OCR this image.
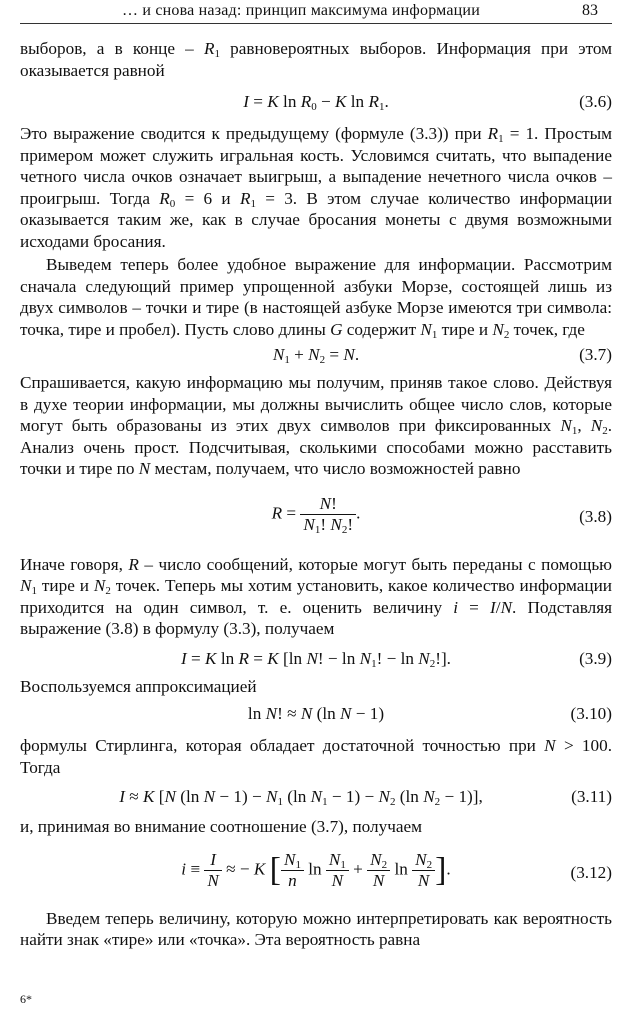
… и снова назад: принцип максимума информации	83

выборов, а в конце – $R_1$ равновероятных выборов. Информация при этом оказывается равной

I = K $\ln R_0 - K$ $\ln R_1$.	(3.6)

Это выражение сводится к предыдущему (формуле (3.3)) при $R_1 = 1$. Простым примером может служить игральная кость. Условимся считать, что выпадение четного числа очков означает выигрыш, а выпадение нечетного числа очков – проигрыш. Тогда $R_0 = 6$ и $R_1 = 3$. В этом случае количество информации оказывается таким же, как в случае бросания монеты с двумя возможными исходами бросания.

Выведем теперь более удобное выражение для информации. Рассмотрим сначала следующий пример упрощенной азбуки Морзе, состоящей лишь из двух символов – точки и тире (в настоящей азбуке Морзе имеются три символа: точка, тире и пробел). Пусть слово длины G содержит $N_1$ тире и $N_2$ точек, где

$N_1 + N_2 = N$.	(3.7)

Спрашивается, какую информацию мы получим, приняв такое слово. Действуя в духе теории информации, мы должны вычислить общее число слов, которые могут быть образованы из этих двух символов при фиксированных $N_1$, $N_2$. Анализ очень прост. Подсчитывая, сколькими способами можно расставить точки и тире по N местам, получаем, что число возможностей равно

$R = \frac{N!}{N_1! N_2!}$ .	(3.8)

Иначе говоря, R – число сообщений, которые могут быть переданы с помощью $N_1$ тире и $N_2$ точек. Теперь мы хотим установить, какое количество информации приходится на один символ, т. е. оценить величину i = I/N. Подставляя выражение (3.8) в формулу (3.3), получаем

I = K ln R = K [ln N! − $\ln N_1$! − $\ln N_2$!].	(3.9)

Воспользуемся аппроксимацией

ln N! ≈ N (ln N − 1)	(3.10)

формулы Стирлинга, которая обладает достаточной точностью при N > 100. Тогда

I ≈ K [N (ln $N - 1) - N_1$ (ln $N_1 - 1) - N_2$ (ln $N_2 - 1$)],	(3.11)

и, принимая во внимание соотношение (3.7), получаем

$i \equiv \frac{I}{N}$ ≈ − K [ $\frac{N_1}{n}$ $\ln \frac{N_1}{N} + \frac{N_2}{N}$ $\ln \frac{N_2}{N}$ ].	(3.12)

Введем теперь величину, которую можно интерпретировать как вероятность найти знак «тире» или «точка». Эта вероятность равна

6*
